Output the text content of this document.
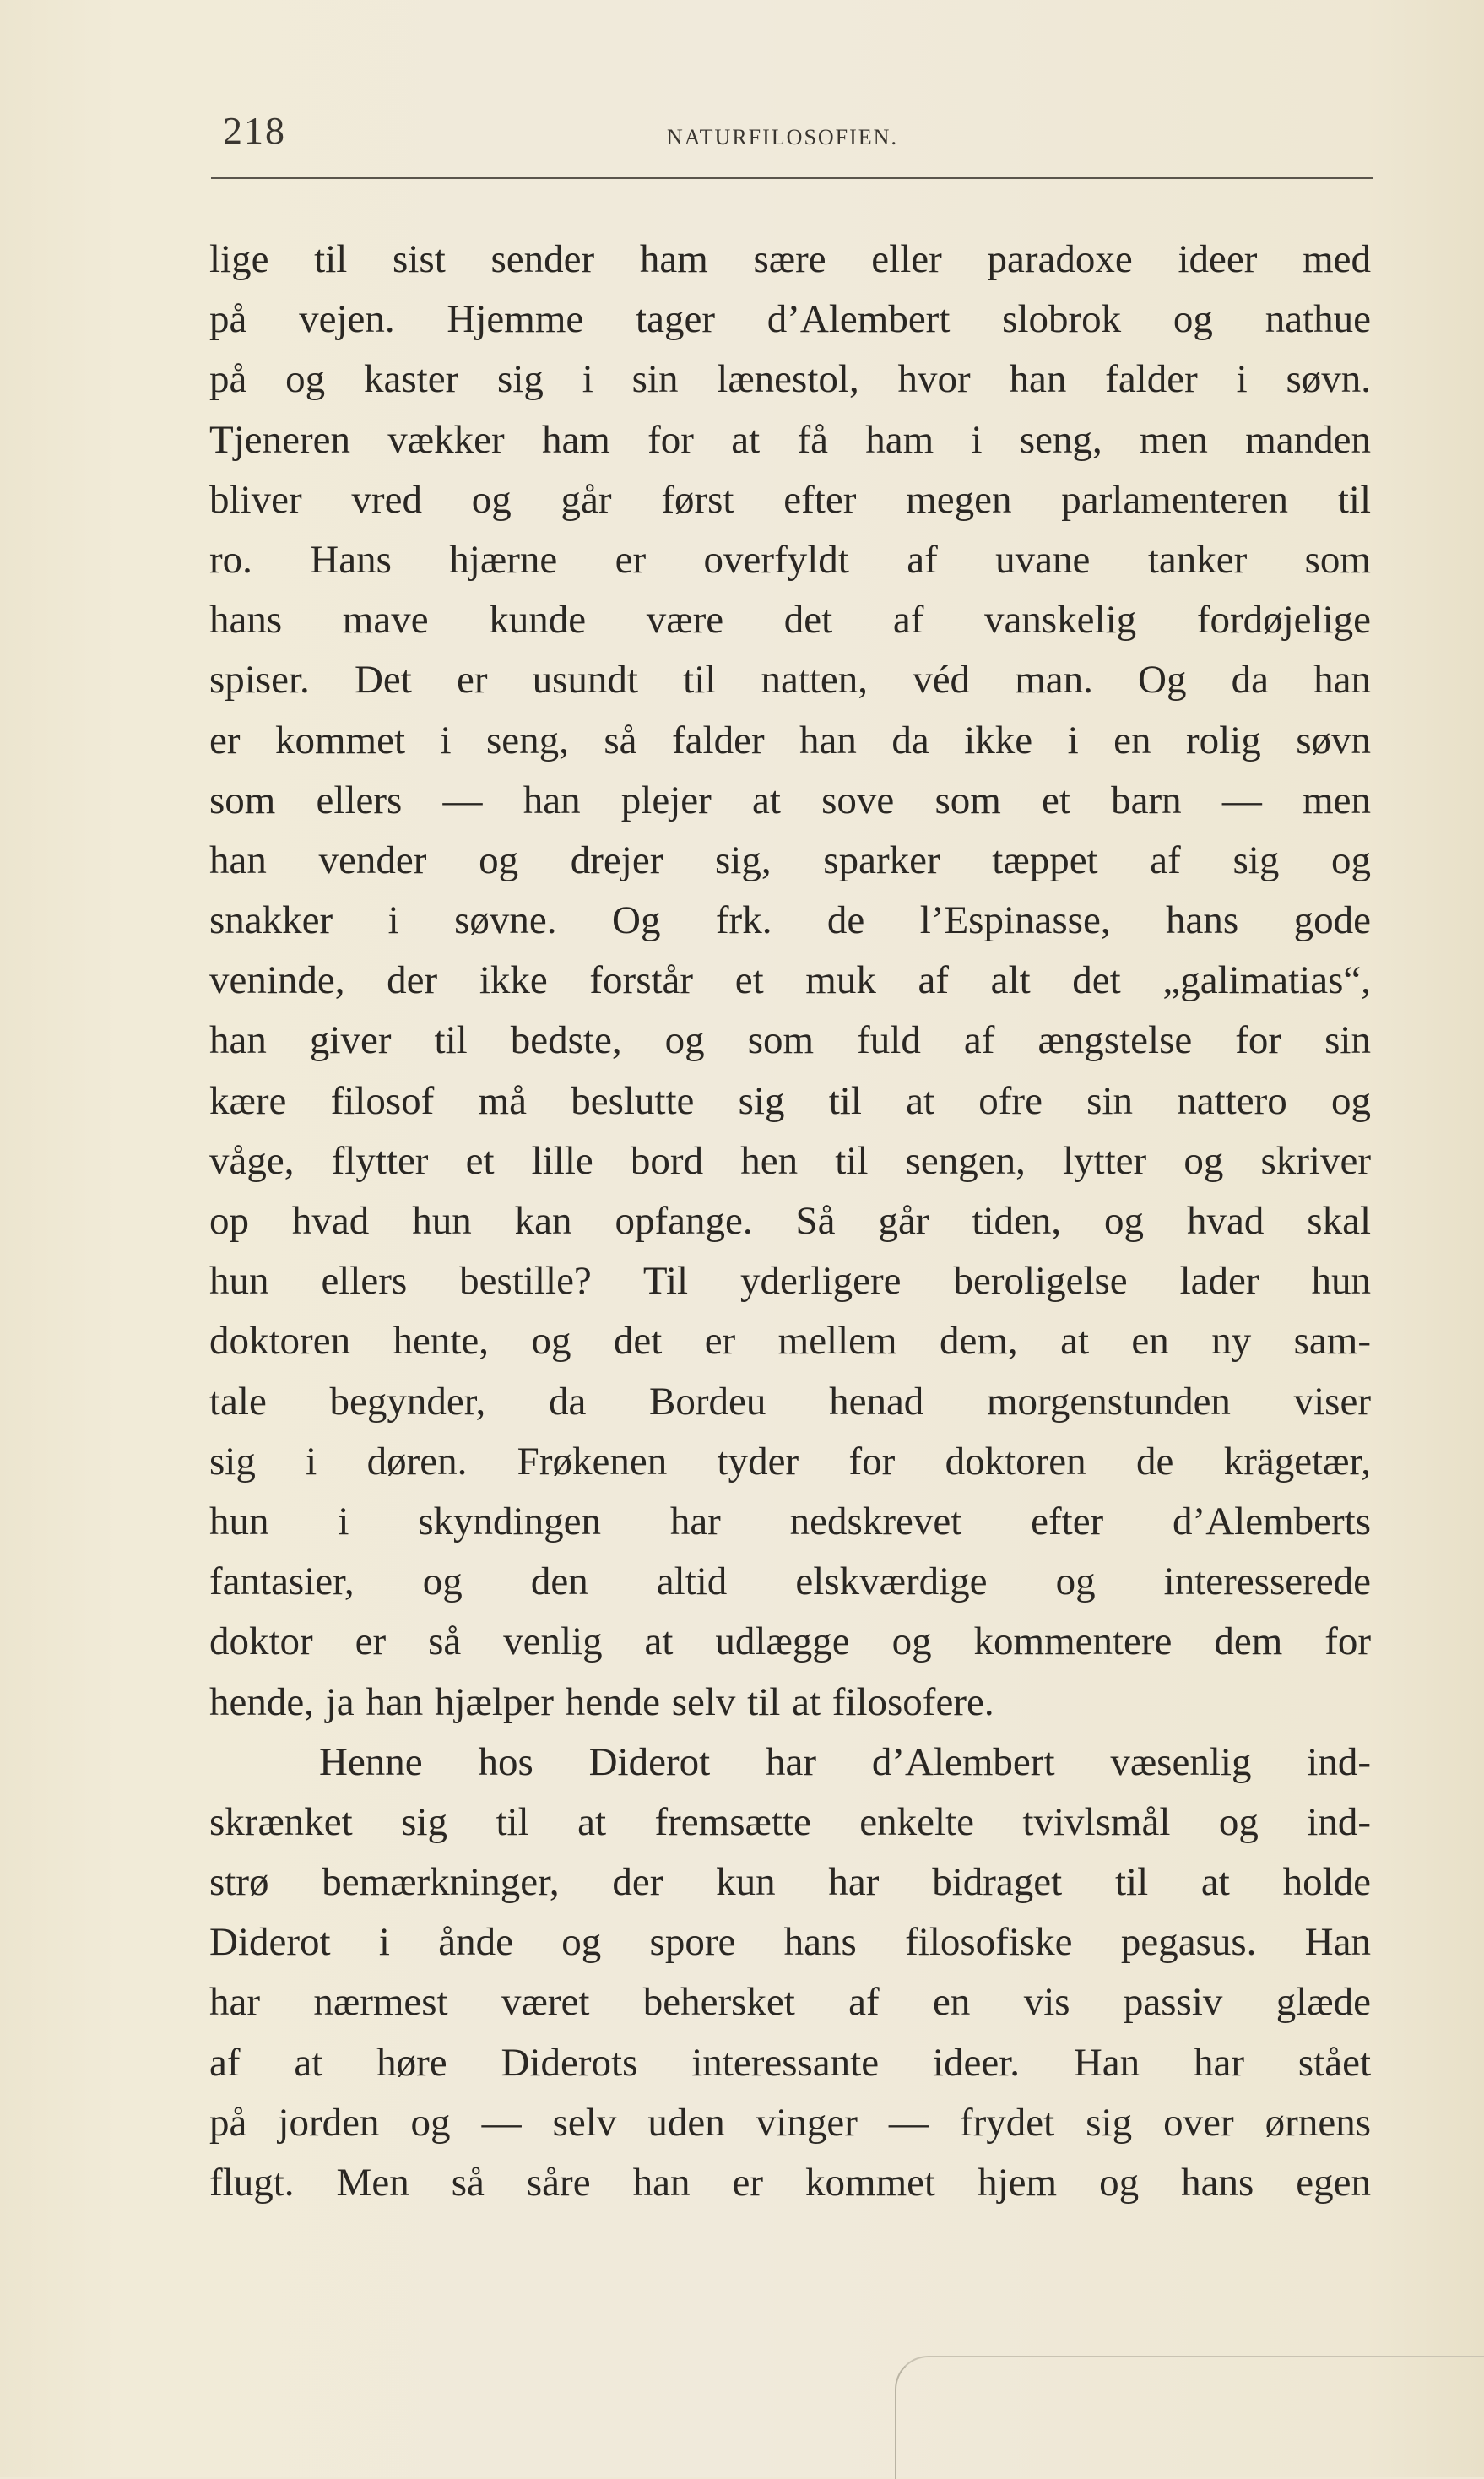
218	NATURFILOSOFIEN.
lige til sist sender ham sære eller paradoxe ideer med
på vejen. Hjemme tager d’Alembert slobrok og nathue
på og kaster sig i sin lænestol, hvor han falder i søvn.
Tjeneren vækker ham for at få ham i seng, men manden
bliver vred og går først efter megen parlamenteren til
ro. Hans hjærne er overfyldt af uvane tanker som
hans mave kunde være det af vanskelig fordøjelige
spiser. Det er usundt til natten, véd man. Og da han
er kommet i seng, så falder han da ikke i en rolig søvn
som ellers — han plejer at sove som et barn — men
han vender og drejer sig, sparker tæppet af sig og
snakker i søvne. Og frk. de l’Espinasse, hans gode
veninde, der ikke forstår et muk af alt det „galimatias“,
han giver til bedste, og som fuld af ængstelse for sin
kære filosof må beslutte sig til at ofre sin nattero og
våge, flytter et lille bord hen til sengen, lytter og skriver
op hvad hun kan opfange. Så går tiden, og hvad skal
hun ellers bestille? Til yderligere beroligelse lader hun
doktoren hente, og det er mellem dem, at en ny sam-
tale begynder, da Bordeu henad morgenstunden viser
sig i døren. Frøkenen tyder for doktoren de krägetær,
hun i skyndingen har nedskrevet efter d’Alemberts
fantasier, og den altid elskværdige og interesserede
doktor er så venlig at udlægge og kommentere dem for
hende, ja han hjælper hende selv til at filosofere.
Henne hos Diderot har d’Alembert væsenlig ind-
skrænket sig til at fremsætte enkelte tvivlsmål og ind-
strø bemærkninger, der kun har bidraget til at holde
Diderot i ånde og spore hans filosofiske pegasus. Han
har nærmest været behersket af en vis passiv glæde
af at høre Diderots interessante ideer. Han har stået
på jorden og — selv uden vinger — frydet sig over ørnens
flugt. Men så såre han er kommet hjem og hans egen
